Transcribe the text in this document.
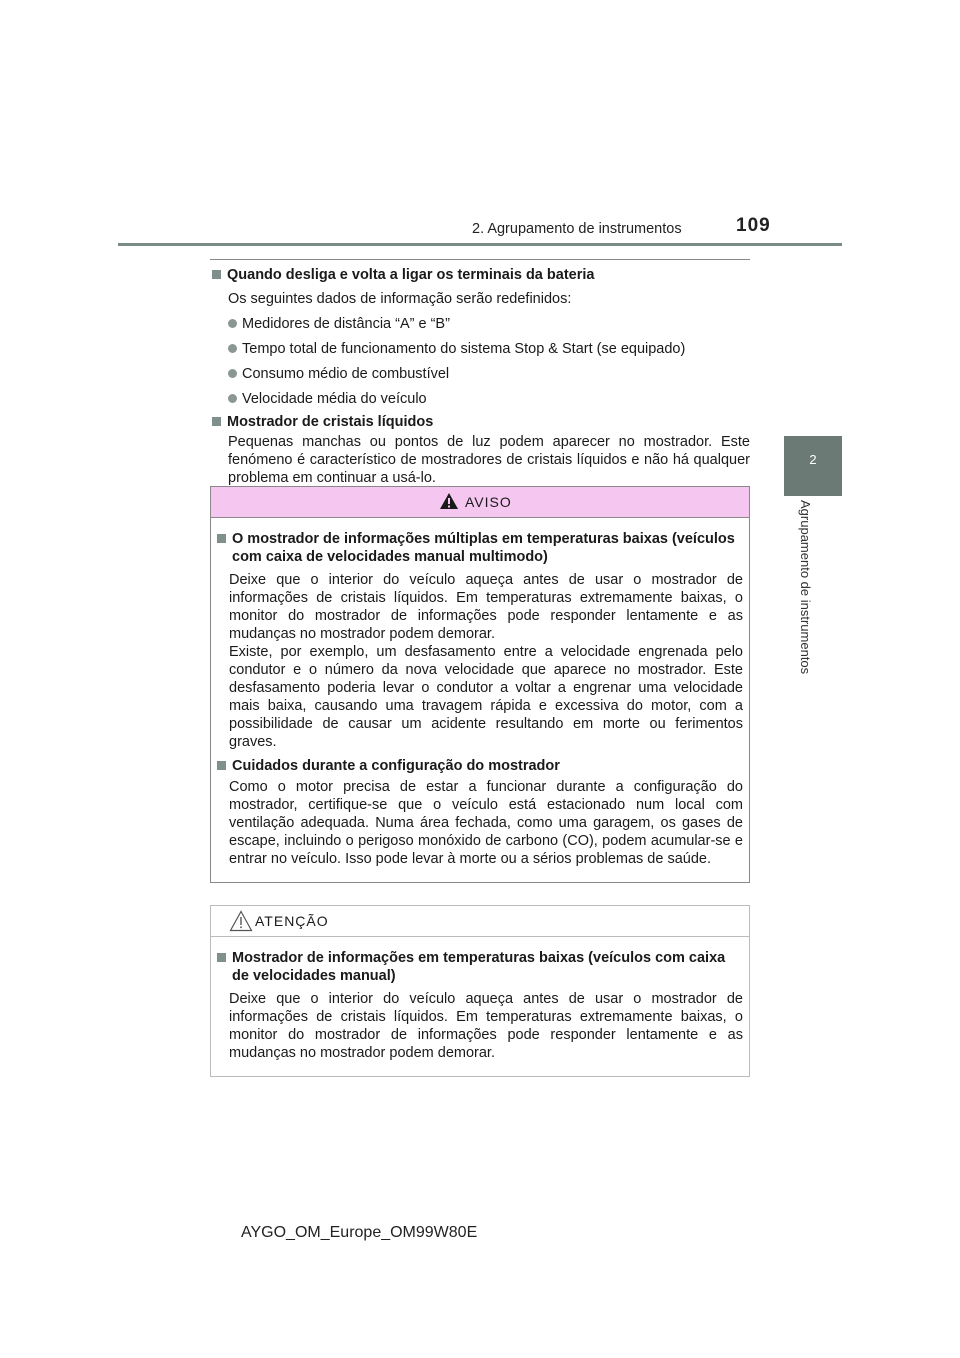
2. Agrupamento de instrumentos	109
2
Agrupamento de instrumentos
Quando desliga e volta a ligar os terminais da bateria
Os seguintes dados de informação serão redefinidos:
Medidores de distância “A” e “B”
Tempo total de funcionamento do sistema Stop & Start (se equipado)
Consumo médio de combustível
Velocidade média do veículo
Mostrador de cristais líquidos
Pequenas manchas ou pontos de luz podem aparecer no mostrador. Este fenómeno é característico de mostradores de cristais líquidos e não há qualquer problema em continuar a usá-lo.
AVISO
O mostrador de informações múltiplas em temperaturas baixas (veículos com caixa de velocidades manual multimodo)
Deixe que o interior do veículo aqueça antes de usar o mostrador de informações de cristais líquidos. Em temperaturas extremamente baixas, o monitor do mostrador de informações pode responder lentamente e as mudanças no mostrador podem demorar.
Existe, por exemplo, um desfasamento entre a velocidade engrenada pelo condutor e o número da nova velocidade que aparece no mostrador. Este desfasamento poderia levar o condutor a voltar a engrenar uma velocidade mais baixa, causando uma travagem rápida e excessiva do motor, com a possibilidade de causar um acidente resultando em morte ou ferimentos graves.
Cuidados durante a configuração do mostrador
Como o motor precisa de estar a funcionar durante a configuração do mostrador, certifique-se que o veículo está estacionado num local com ventilação adequada. Numa área fechada, como uma garagem, os gases de escape, incluindo o perigoso monóxido de carbono (CO), podem acumular-se e entrar no veículo. Isso pode levar à morte ou a sérios problemas de saúde.
ATENÇÃO
Mostrador de informações em temperaturas baixas (veículos com caixa de velocidades manual)
Deixe que o interior do veículo aqueça antes de usar o mostrador de informações de cristais líquidos. Em temperaturas extremamente baixas, o monitor do mostrador de informações pode responder lentamente e as mudanças no mostrador podem demorar.
AYGO_OM_Europe_OM99W80E
